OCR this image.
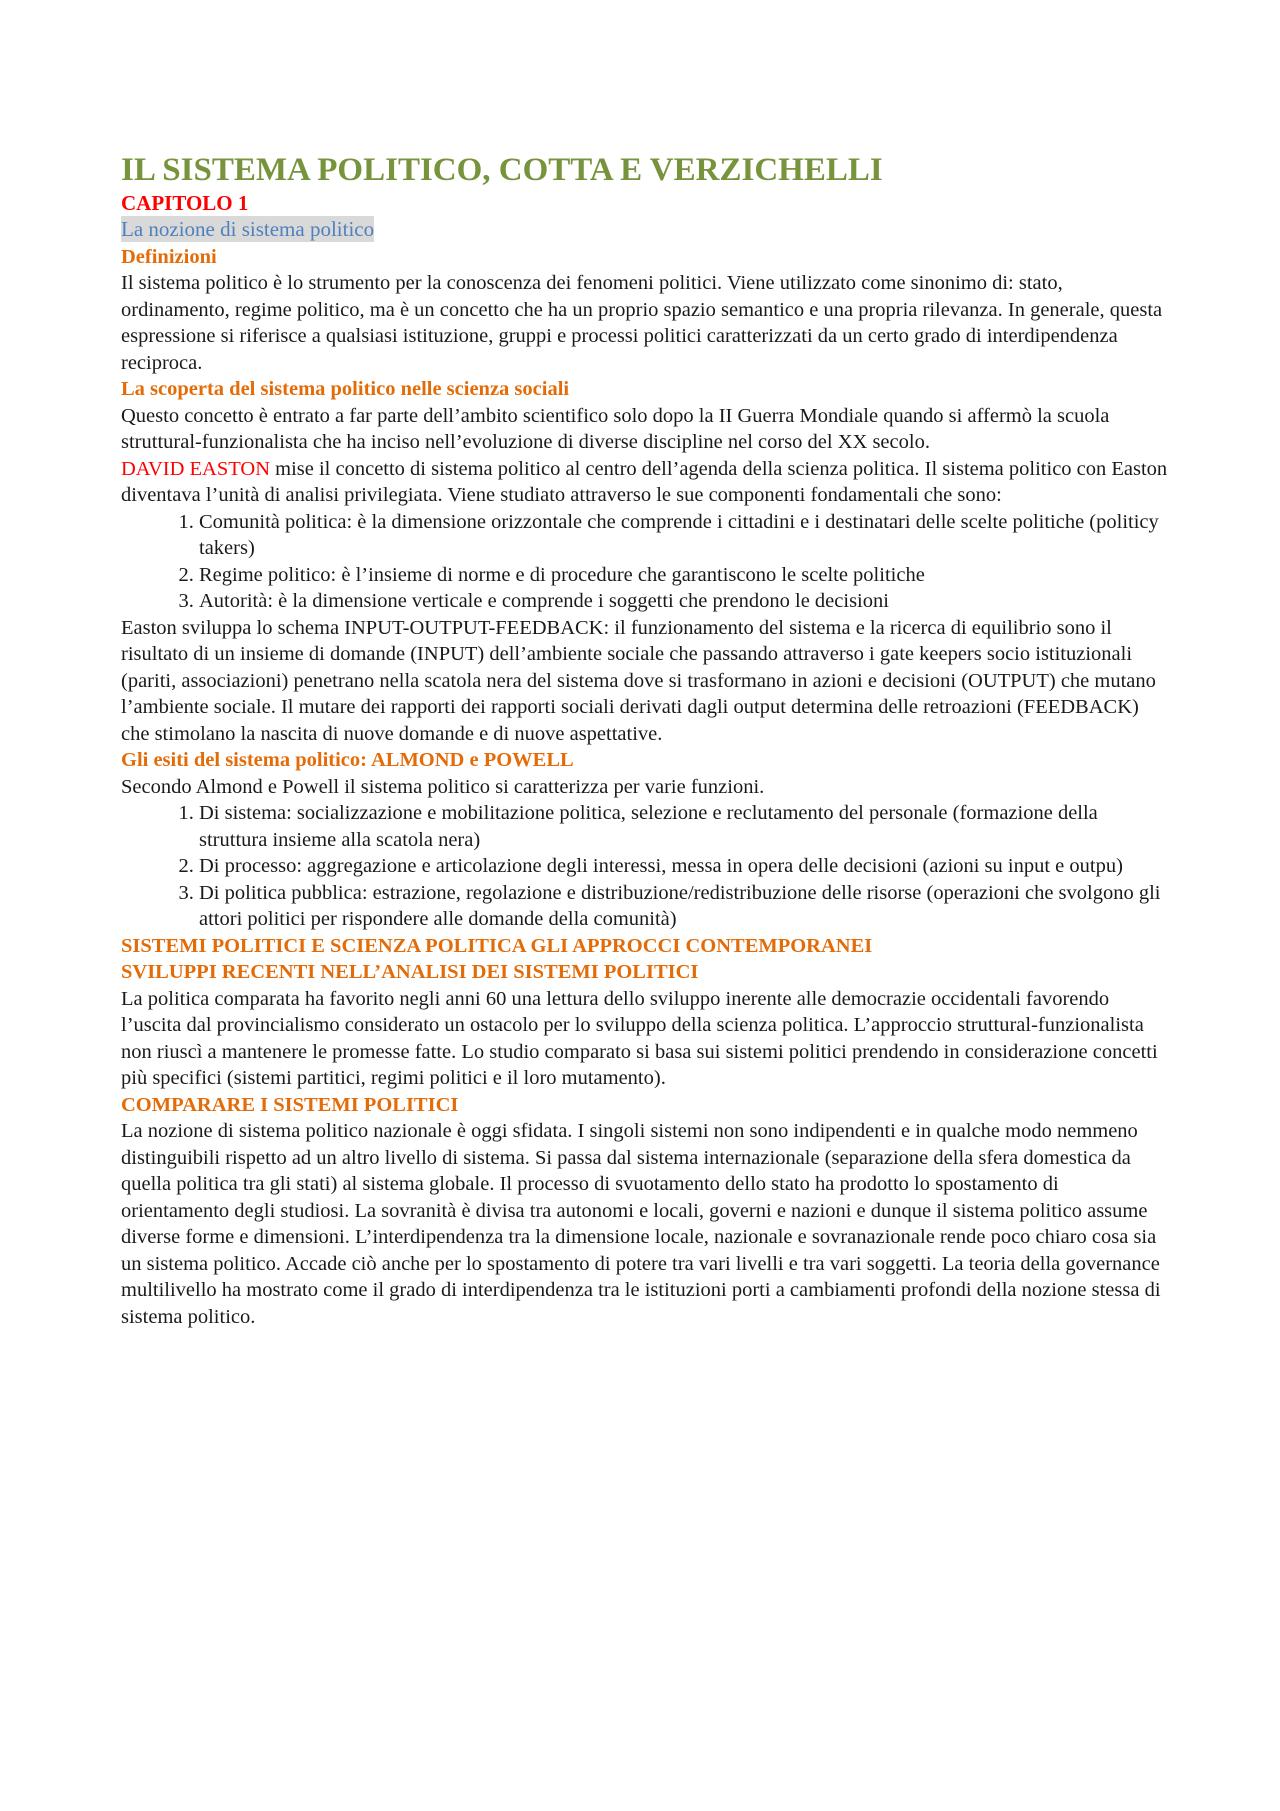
IL SISTEMA POLITICO, COTTA E VERZICHELLI
CAPITOLO 1
La nozione di sistema politico
Definizioni

Il sistema politico è lo strumento per la conoscenza dei fenomeni politici. Viene utilizzato come sinonimo di: stato, ordinamento, regime politico, ma è un concetto che ha un proprio spazio semantico e una propria rilevanza. In generale, questa espressione si riferisce a qualsiasi istituzione, gruppi e processi politici caratterizzati da un certo grado di interdipendenza reciproca.

La scoperta del sistema politico nelle scienza sociali

Questo concetto è entrato a far parte dell’ambito scientifico solo dopo la II Guerra Mondiale quando si affermò la scuola struttural-funzionalista che ha inciso nell’evoluzione di diverse discipline nel corso del XX secolo.

DAVID EASTON mise il concetto di sistema politico al centro dell’agenda della scienza politica. Il sistema politico con Easton diventava l’unità di analisi privilegiata. Viene studiato attraverso le sue componenti fondamentali che sono:

1. Comunità politica: è la dimensione orizzontale che comprende i cittadini e i destinatari delle scelte politiche (politicy takers)
2. Regime politico: è l’insieme di norme e di procedure che garantiscono le scelte politiche
3. Autorità: è la dimensione verticale e comprende i soggetti che prendono le decisioni

Easton sviluppa lo schema INPUT-OUTPUT-FEEDBACK: il funzionamento del sistema e la ricerca di equilibrio sono il risultato di un insieme di domande (INPUT) dell’ambiente sociale che passando attraverso i gate keepers socio istituzionali (pariti, associazioni) penetrano nella scatola nera del sistema dove si trasformano in azioni e decisioni (OUTPUT) che mutano l’ambiente sociale. Il mutare dei rapporti dei rapporti sociali derivati dagli output determina delle retroazioni (FEEDBACK) che stimolano la nascita di nuove domande e di nuove aspettative.

Gli esiti del sistema politico: ALMOND e POWELL

Secondo Almond e Powell il sistema politico si caratterizza per varie funzioni.

1. Di sistema: socializzazione e mobilitazione politica, selezione e reclutamento del personale (formazione della struttura insieme alla scatola nera)
2. Di processo: aggregazione e articolazione degli interessi, messa in opera delle decisioni (azioni su input e outpu)
3. Di politica pubblica: estrazione, regolazione e distribuzione/redistribuzione delle risorse (operazioni che svolgono gli attori politici per rispondere alle domande della comunità)
SISTEMI POLITICI E SCIENZA POLITICA GLI APPROCCI CONTEMPORANEI
SVILUPPI RECENTI NELL’ANALISI DEI SISTEMI POLITICI

La politica comparata ha favorito negli anni 60 una lettura dello sviluppo inerente alle democrazie occidentali favorendo l’uscita dal provincialismo considerato un ostacolo per lo sviluppo della scienza politica. L’approccio struttural-funzionalista non riuscì a mantenere le promesse fatte. Lo studio comparato si basa sui sistemi politici prendendo in considerazione concetti più specifici (sistemi partitici, regimi politici e il loro mutamento).

COMPARARE I SISTEMI POLITICI

La nozione di sistema politico nazionale è oggi sfidata. I singoli sistemi non sono indipendenti e in qualche modo nemmeno distinguibili rispetto ad un altro livello di sistema. Si passa dal sistema internazionale (separazione della sfera domestica da quella politica tra gli stati) al sistema globale. Il processo di svuotamento dello stato ha prodotto lo spostamento di orientamento degli studiosi. La sovranità è divisa tra autonomi e locali, governi e nazioni e dunque il sistema politico assume diverse forme e dimensioni. L’interdipendenza tra la dimensione locale, nazionale e sovranazionale rende poco chiaro cosa sia un sistema politico. Accade ciò anche per lo spostamento di potere tra vari livelli e tra vari soggetti. La teoria della governance multilivello ha mostrato come il grado di interdipendenza tra le istituzioni porti a cambiamenti profondi della nozione stessa di sistema politico.
